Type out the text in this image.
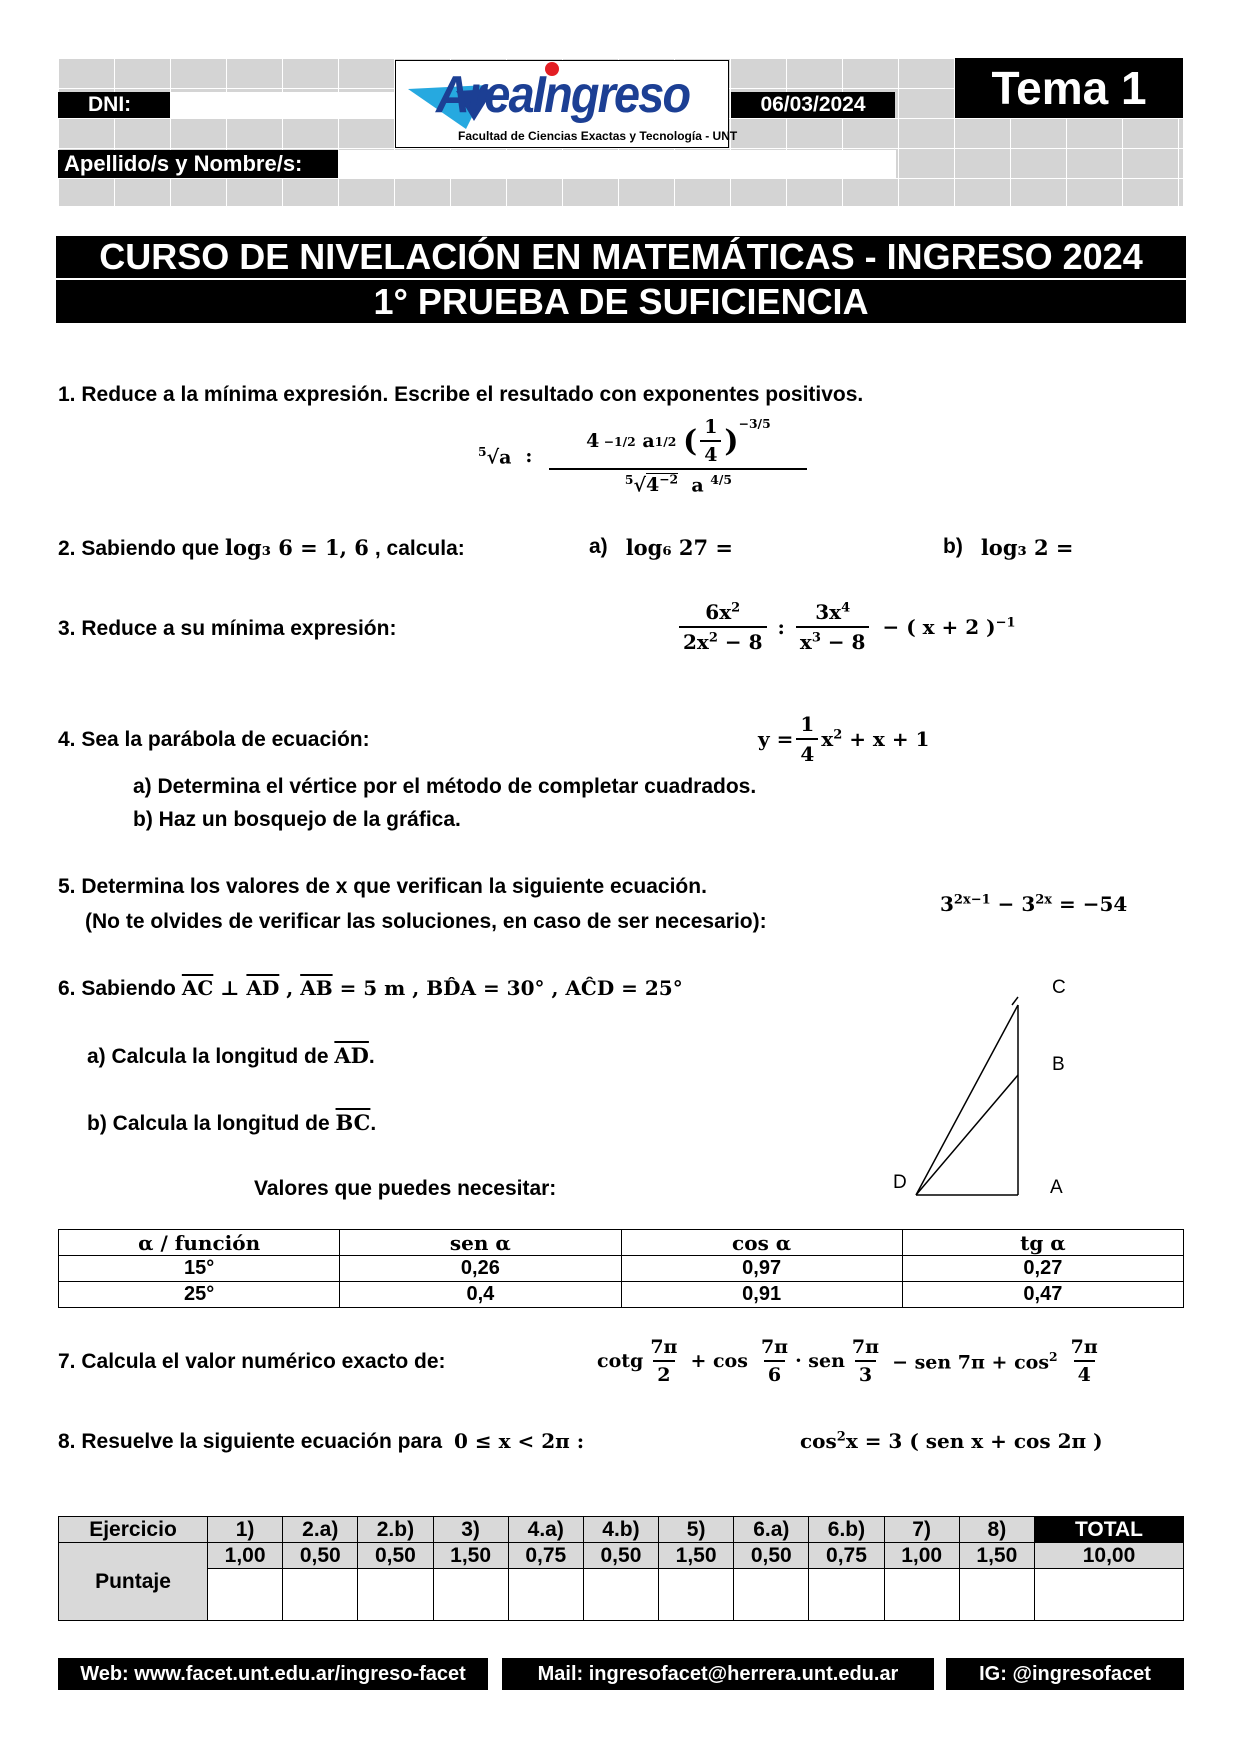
DNI:	AreaIngreso
Facultad de Ciencias Exactas y Tecnología - UNT
06/03/2024	Tema 1
Apellido/s y Nombre/s:
CURSO DE NIVELACIÓN EN MATEMÁTICAS - INGRESO 2024
1° PRUEBA DE SUFICIENCIA
1. Reduce a la mínima expresión. Escribe el resultado con exponentes positivos.
$^5$√a : 4 −1/2 a 1/2
( $\frac{1}{4} )^{-3/5}$
$^5√4^{-2}$  a $^{4/5}$
2. Sabiendo que log₃ 6 = 1, 6 , calcula:	a) log₆ 27 =	b) log₃ 2 =
3. Reduce a su mínima expresión:	$\frac{6x^2}{2x^2 - 8}$ : $\frac{3x^4}{x^3 - 8}$ − ( x + 2 )$^{-1}$
4. Sea la parábola de ecuación:	$y = \frac{1}{4} x^2 + x + 1$
a) Determina el vértice por el método de completar cuadrados.
b) Haz un bosquejo de la gráfica.
5. Determina los valores de x que verifican la siguiente ecuación.
(No te olvides de verificar las soluciones, en caso de ser necesario):
$3^{2x-1} - 3^{2x} = -54$
6. Sabiendo $\overline{AC}$ ⊥ $\overline{AD}$ , $\overline{AB} = 5$ m , BD̂A = 30° , AĈD = 25°
a) Calcula la longitud de $\overline{AD}$.
b) Calcula la longitud de $\overline{BC}$.
C
B
D	A
Valores que puedes necesitar:
α / función	sen α	cos α	tg α
15°	0,26	0,97	0,27
25°	0,4	0,91	0,47
7. Calcula el valor numérico exacto de:	cotg $\frac{7\pi}{2} + \cos \frac{7\pi}{6}$ · sen $\frac{7\pi}{3}$ − sen $7\pi + \cos^2 \frac{7\pi}{4}$
8. Resuelve la siguiente ecuación para 0 ≤ x < 2π :	$\cos^2x = 3$ ( sen x + cos 2π )
Ejercicio	1)	2.a)	2.b)	3)	4.a)	4.b)	5)	6.a)	6.b)	7)	8)	TOTAL
Puntaje	1,00	0,50	0,50	1,50	0,75	0,50	1,50	0,50	0,75	1,00	1,50	10,00

Web: www.facet.unt.edu.ar/ingreso-facet	Mail: ingresofacet@herrera.unt.edu.ar	IG: @ingresofacet
